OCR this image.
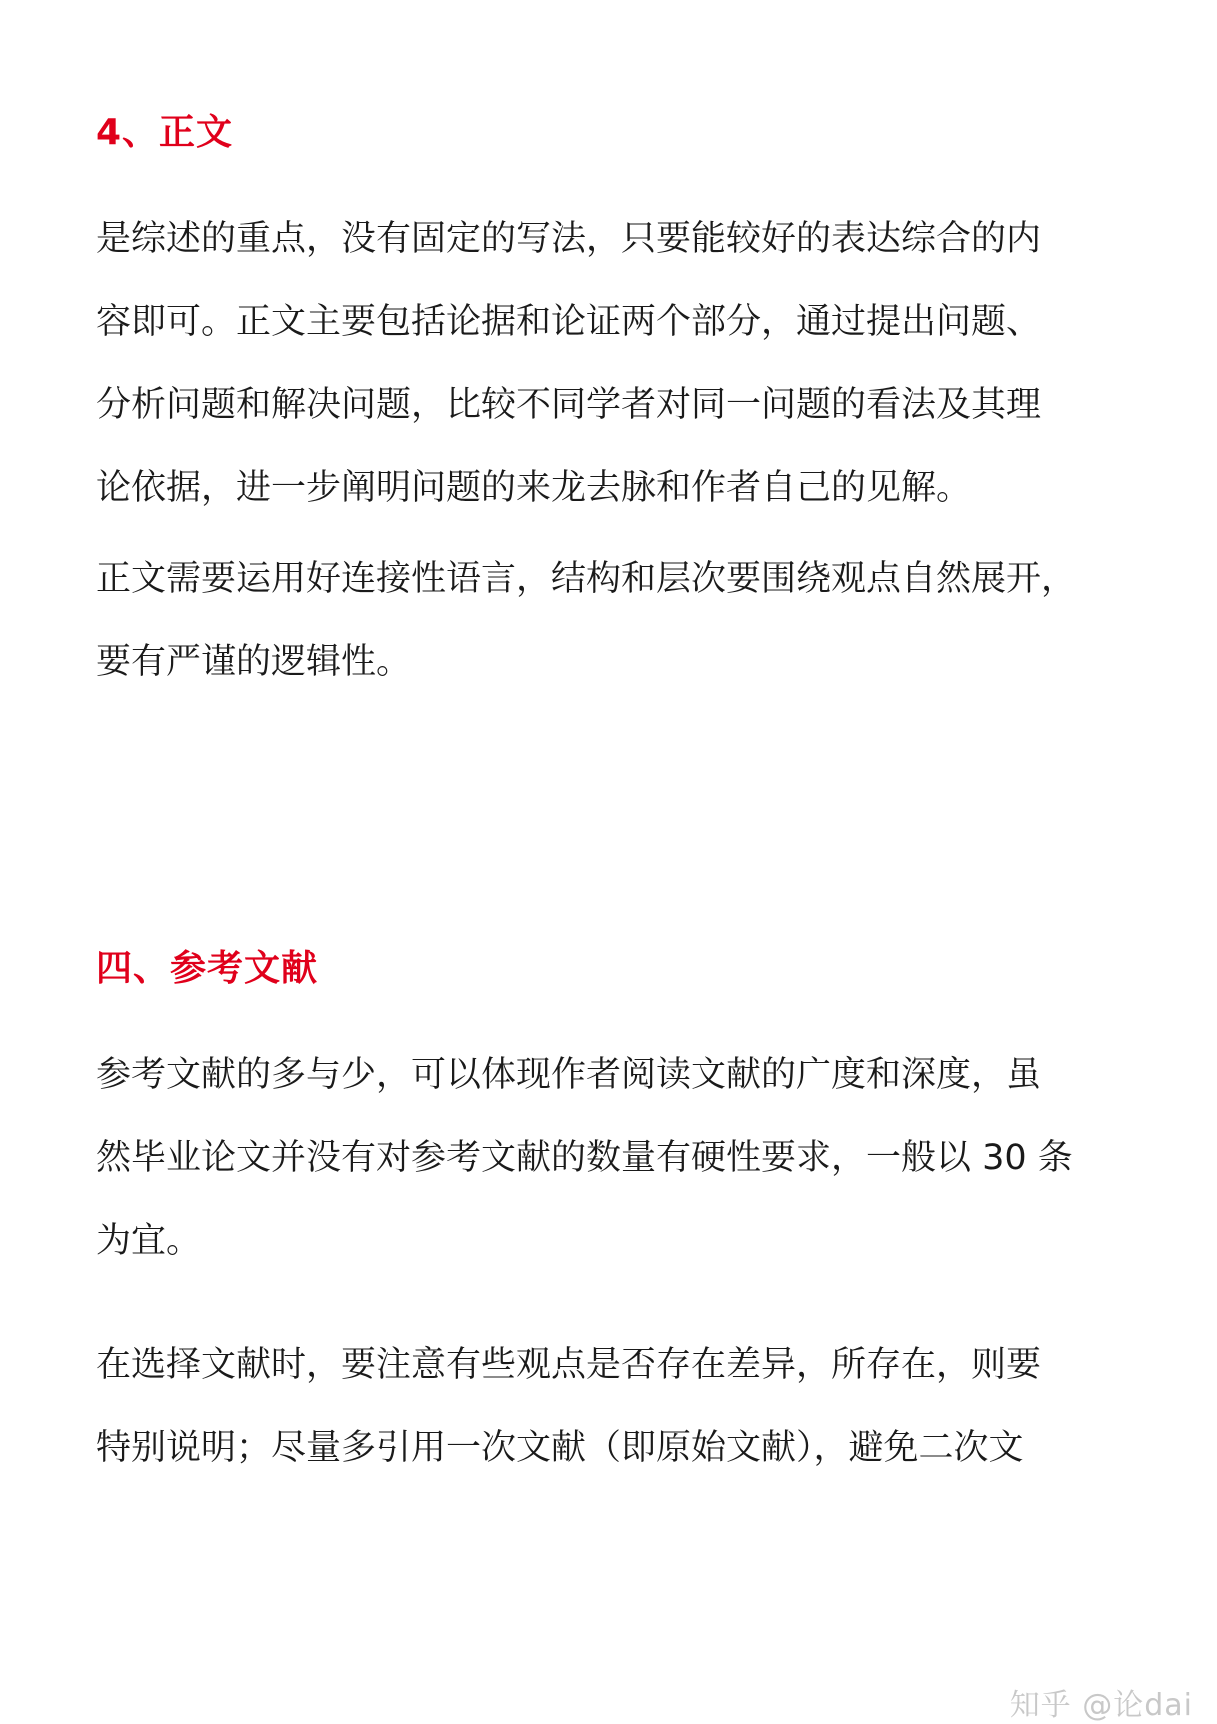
4、正文
是综述的重点，没有固定的写法，只要能较好的表达综合的内
容即可。正文主要包括论据和论证两个部分，通过提出问题、
分析问题和解决问题，比较不同学者对同一问题的看法及其理
论依据，进一步阐明问题的来龙去脉和作者自己的见解。
正文需要运用好连接性语言，结构和层次要围绕观点自然展开，
要有严谨的逻辑性。
四、参考文献
参考文献的多与少，可以体现作者阅读文献的广度和深度，虽
然毕业论文并没有对参考文献的数量有硬性要求，一般以 30 条
为宜。
在选择文献时，要注意有些观点是否存在差异，所存在，则要
特别说明；尽量多引用一次文献（即原始文献），避免二次文
知乎 @论dai
